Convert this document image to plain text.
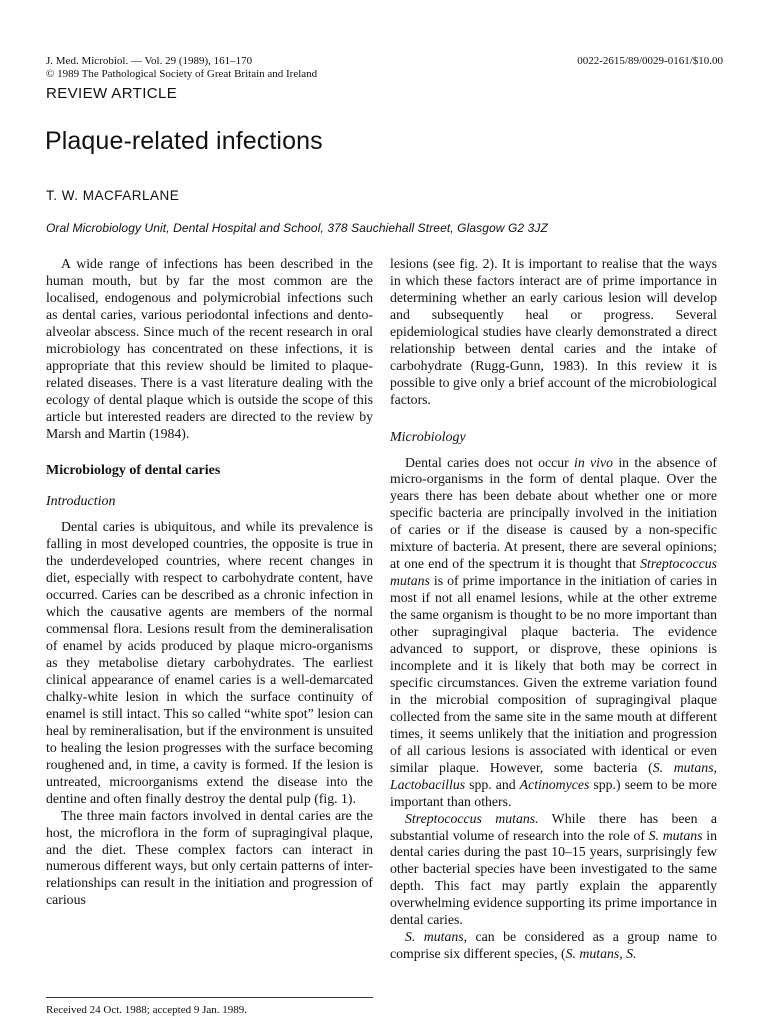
J. Med. Microbiol. — Vol. 29 (1989), 161–170
© 1989 The Pathological Society of Great Britain and Ireland
0022-2615/89/0029-0161/$10.00
REVIEW ARTICLE
Plaque-related infections
T. W. MACFARLANE
Oral Microbiology Unit, Dental Hospital and School, 378 Sauchiehall Street, Glasgow G2 3JZ

A wide range of infections has been described in the human mouth, but by far the most common are the localised, endogenous and polymicrobial infections such as dental caries, various periodontal infections and dento-alveolar abscess. Since much of the recent research in oral microbiology has concentrated on these infections, it is appropriate that this review should be limited to plaque-related diseases. There is a vast literature dealing with the ecology of dental plaque which is outside the scope of this article but interested readers are directed to the review by Marsh and Martin (1984).

Microbiology of dental caries
Introduction

Dental caries is ubiquitous, and while its prevalence is falling in most developed countries, the opposite is true in the underdeveloped countries, where recent changes in diet, especially with respect to carbohydrate content, have occurred. Caries can be described as a chronic infection in which the causative agents are members of the normal commensal flora. Lesions result from the demineralisation of enamel by acids produced by plaque micro-organisms as they metabolise dietary carbohydrates. The earliest clinical appearance of enamel caries is a well-demarcated chalky-white lesion in which the surface continuity of enamel is still intact. This so called “white spot” lesion can heal by remineralisation, but if the environment is unsuited to healing the lesion progresses with the surface becoming roughened and, in time, a cavity is formed. If the lesion is untreated, microorganisms extend the disease into the dentine and often finally destroy the dental pulp (fig. 1).

The three main factors involved in dental caries are the host, the microflora in the form of supragingival plaque, and the diet. These complex factors can interact in numerous different ways, but only certain patterns of inter-relationships can result in the initiation and progression of carious

lesions (see fig. 2). It is important to realise that the ways in which these factors interact are of prime importance in determining whether an early carious lesion will develop and subsequently heal or progress. Several epidemiological studies have clearly demonstrated a direct relationship between dental caries and the intake of carbohydrate (Rugg-Gunn, 1983). In this review it is possible to give only a brief account of the microbiological factors.

Microbiology

Dental caries does not occur in vivo in the absence of micro-organisms in the form of dental plaque. Over the years there has been debate about whether one or more specific bacteria are principally involved in the initiation of caries or if the disease is caused by a non-specific mixture of bacteria. At present, there are several opinions; at one end of the spectrum it is thought that Streptococcus mutans is of prime importance in the initiation of caries in most if not all enamel lesions, while at the other extreme the same organism is thought to be no more important than other supragingival plaque bacteria. The evidence advanced to support, or disprove, these opinions is incomplete and it is likely that both may be correct in specific circumstances. Given the extreme variation found in the microbial composition of supragingival plaque collected from the same site in the same mouth at different times, it seems unlikely that the initiation and progression of all carious lesions is associated with identical or even similar plaque. However, some bacteria (S. mutans, Lactobacillus spp. and Actinomyces spp.) seem to be more important than others.

Streptococcus mutans. While there has been a substantial volume of research into the role of S. mutans in dental caries during the past 10–15 years, surprisingly few other bacterial species have been investigated to the same depth. This fact may partly explain the apparently overwhelming evidence supporting its prime importance in dental caries.

S. mutans, can be considered as a group name to comprise six different species, (S. mutans, S.

Received 24 Oct. 1988; accepted 9 Jan. 1989.
